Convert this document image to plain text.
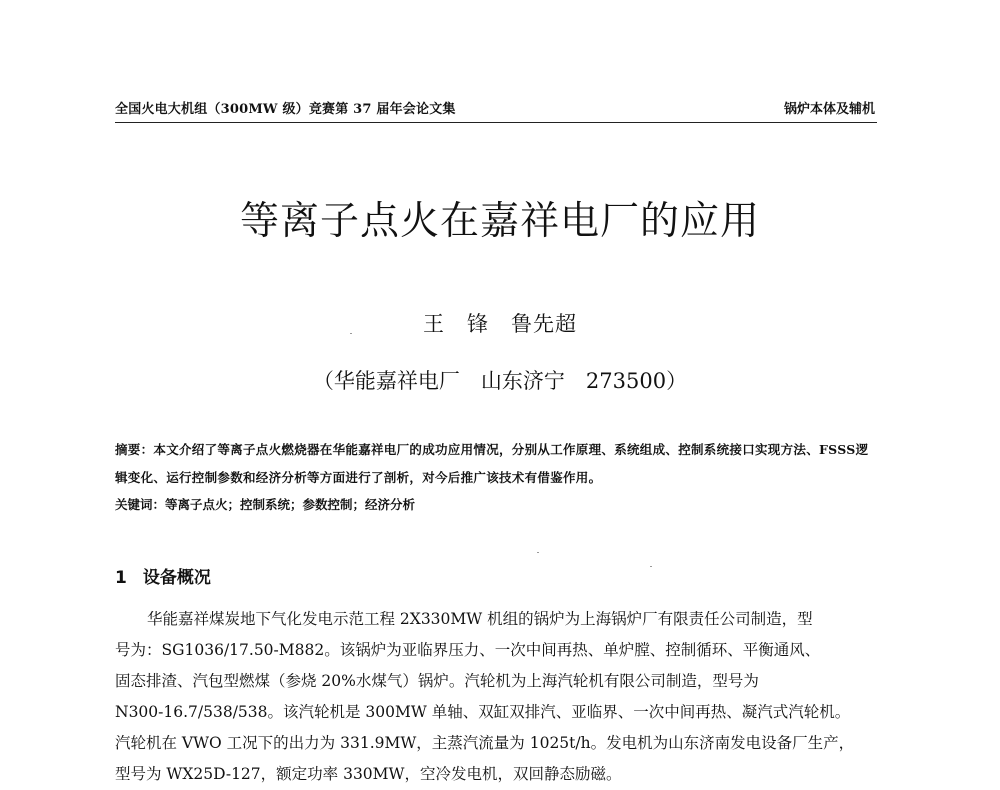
全国火电大机组（300MW 级）竞赛第 37 届年会论文集	锅炉本体及辅机
等离子点火在嘉祥电厂的应用
王　锋　鲁先超
（华能嘉祥电厂　山东济宁　273500）
摘要：本文介绍了等离子点火燃烧器在华能嘉祥电厂的成功应用情况，分别从工作原理、系统组成、控制系统接口实现方法、FSSS逻辑变化、运行控制参数和经济分析等方面进行了剖析，对今后推广该技术有借鉴作用。
关键词：等离子点火；控制系统；参数控制；经济分析
1 设备概况
华能嘉祥煤炭地下气化发电示范工程 2X330MW 机组的锅炉为上海锅炉厂有限责任公司制造，型
号为：SG1036/17.50-M882。该锅炉为亚临界压力、一次中间再热、单炉膛、控制循环、平衡通风、
固态排渣、汽包型燃煤（参烧 20%水煤气）锅炉。汽轮机为上海汽轮机有限公司制造，型号为
N300-16.7/538/538。该汽轮机是 300MW 单轴、双缸双排汽、亚临界、一次中间再热、凝汽式汽轮机。
汽轮机在 VWO 工况下的出力为 331.9MW，主蒸汽流量为 1025t/h。发电机为山东济南发电设备厂生产，
型号为 WX25D-127，额定功率 330MW，空冷发电机，双回静态励磁。
